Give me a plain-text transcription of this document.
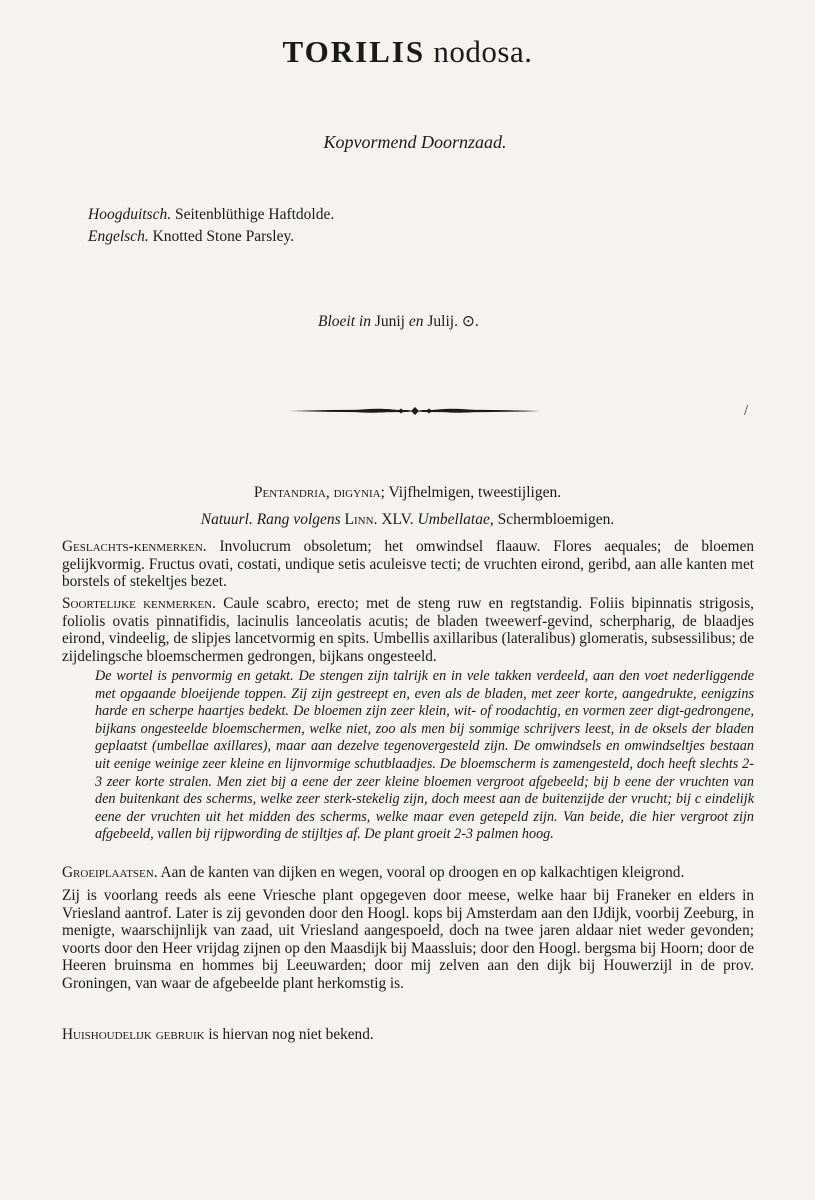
TORILIS nodosa.
Kopvormend Doornzaad.
Hoogduitsch. Seitenblüthige Haftdolde.
Engelsch. Knotted Stone Parsley.
Bloeit in Junij en Julij. ⊙.
/
Pentandria, digynia; Vijfhelmigen, tweestijligen.
Natuurl. Rang volgens Linn. XLV. Umbellatae, Schermbloemigen.
Geslachts-kenmerken. Involucrum obsoletum; het omwindsel flaauw. Flores aequales; de bloemen gelijkvormig. Fructus ovati, costati, undique setis aculeisve tecti; de vruchten eirond, geribd, aan alle kanten met borstels of stekeltjes bezet.
Soortelijke kenmerken. Caule scabro, erecto; met de steng ruw en regtstandig. Foliis bipinnatis strigosis, foliolis ovatis pinnatifidis, lacinulis lanceolatis acutis; de bladen tweewerf-gevind, scherpharig, de blaadjes eirond, vindeelig, de slipjes lancetvormig en spits. Umbellis axillaribus (lateralibus) glomeratis, subsessilibus; de zijdelingsche bloemschermen gedrongen, bijkans ongesteeld.
De wortel is penvormig en getakt. De stengen zijn talrijk en in vele takken verdeeld, aan den voet nederliggende met opgaande bloeijende toppen. Zij zijn gestreept en, even als de bladen, met zeer korte, aangedrukte, eenigzins harde en scherpe haartjes bedekt. De bloemen zijn zeer klein, wit- of roodachtig, en vormen zeer digt-gedrongene, bijkans ongesteelde bloemschermen, welke niet, zoo als men bij sommige schrijvers leest, in de oksels der bladen geplaatst (umbellae axillares), maar aan dezelve tegenovergesteld zijn. De omwindsels en omwindseltjes bestaan uit eenige weinige zeer kleine en lijnvormige schutblaadjes. De bloemscherm is zamengesteld, doch heeft slechts 2-3 zeer korte stralen. Men ziet bij a eene der zeer kleine bloemen vergroot afgebeeld; bij b eene der vruchten van den buitenkant des scherms, welke zeer sterk-stekelig zijn, doch meest aan de buitenzijde der vrucht; bij c eindelijk eene der vruchten uit het midden des scherms, welke maar even getepeld zijn. Van beide, die hier vergroot zijn afgebeeld, vallen bij rijpwording de stijltjes af. De plant groeit 2-3 palmen hoog.
Groeiplaatsen. Aan de kanten van dijken en wegen, vooral op droogen en op kalkachtigen kleigrond.
Zij is voorlang reeds als eene Vriesche plant opgegeven door meese, welke haar bij Franeker en elders in Vriesland aantrof. Later is zij gevonden door den Hoogl. kops bij Amsterdam aan den IJdijk, voorbij Zeeburg, in menigte, waarschijnlijk van zaad, uit Vriesland aangespoeld, doch na twee jaren aldaar niet weder gevonden; voorts door den Heer vrijdag zijnen op den Maasdijk bij Maassluis; door den Hoogl. bergsma bij Hoorn; door de Heeren bruinsma en hommes bij Leeuwarden; door mij zelven aan den dijk bij Houwerzijl in de prov. Groningen, van waar de afgebeelde plant herkomstig is.
Huishoudelijk gebruik is hiervan nog niet bekend.
